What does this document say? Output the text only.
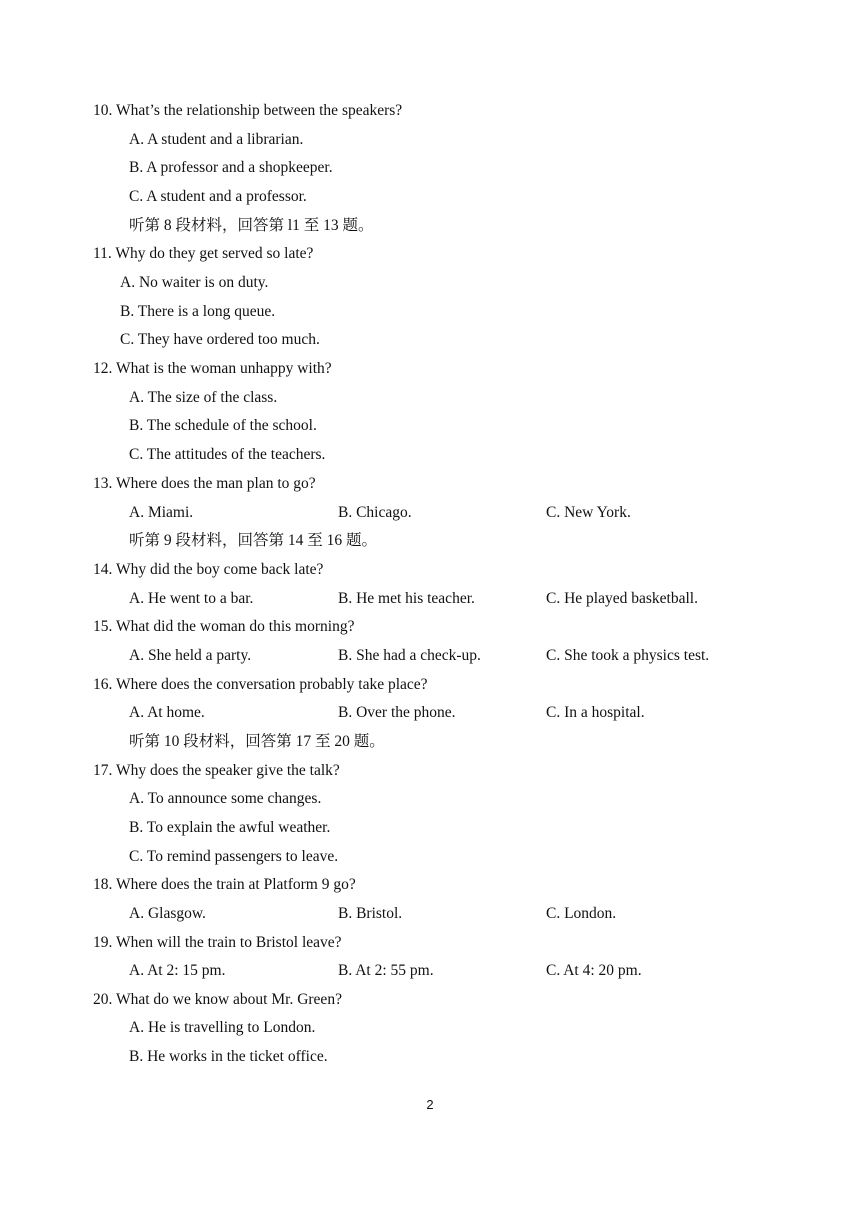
10. What’s the relationship between the speakers?
A. A student and a librarian.
B. A professor and a shopkeeper.
C. A student and a professor.
听第 8 段材料，回答第 l1 至 13 题。
11. Why do they get served so late?
A. No waiter is on duty.
B. There is a long queue.
C. They have ordered too much.
12. What is the woman unhappy with?
A. The size of the class.
B. The schedule of the school.
C. The attitudes of the teachers.
13. Where does the man plan to go?
A. Miami.	B. Chicago.	C. New York.
听第 9 段材料，回答第 14 至 16 题。
14. Why did the boy come back late?
A. He went to a bar.	B. He met his teacher.	C. He played basketball.
15. What did the woman do this morning?
A. She held a party.	B. She had a check-up.	C. She took a physics test.
16. Where does the conversation probably take place?
A. At home.	B. Over the phone.	C. In a hospital.
听第 10 段材料，回答第 17 至 20 题。
17. Why does the speaker give the talk?
A. To announce some changes.
B. To explain the awful weather.
C. To remind passengers to leave.
18. Where does the train at Platform 9 go?
A. Glasgow.	B. Bristol.	C. London.
19. When will the train to Bristol leave?
A. At 2: 15 pm.	B. At 2: 55 pm.	C. At 4: 20 pm.
20. What do we know about Mr. Green?
A. He is travelling to London.
B. He works in the ticket office.
2
